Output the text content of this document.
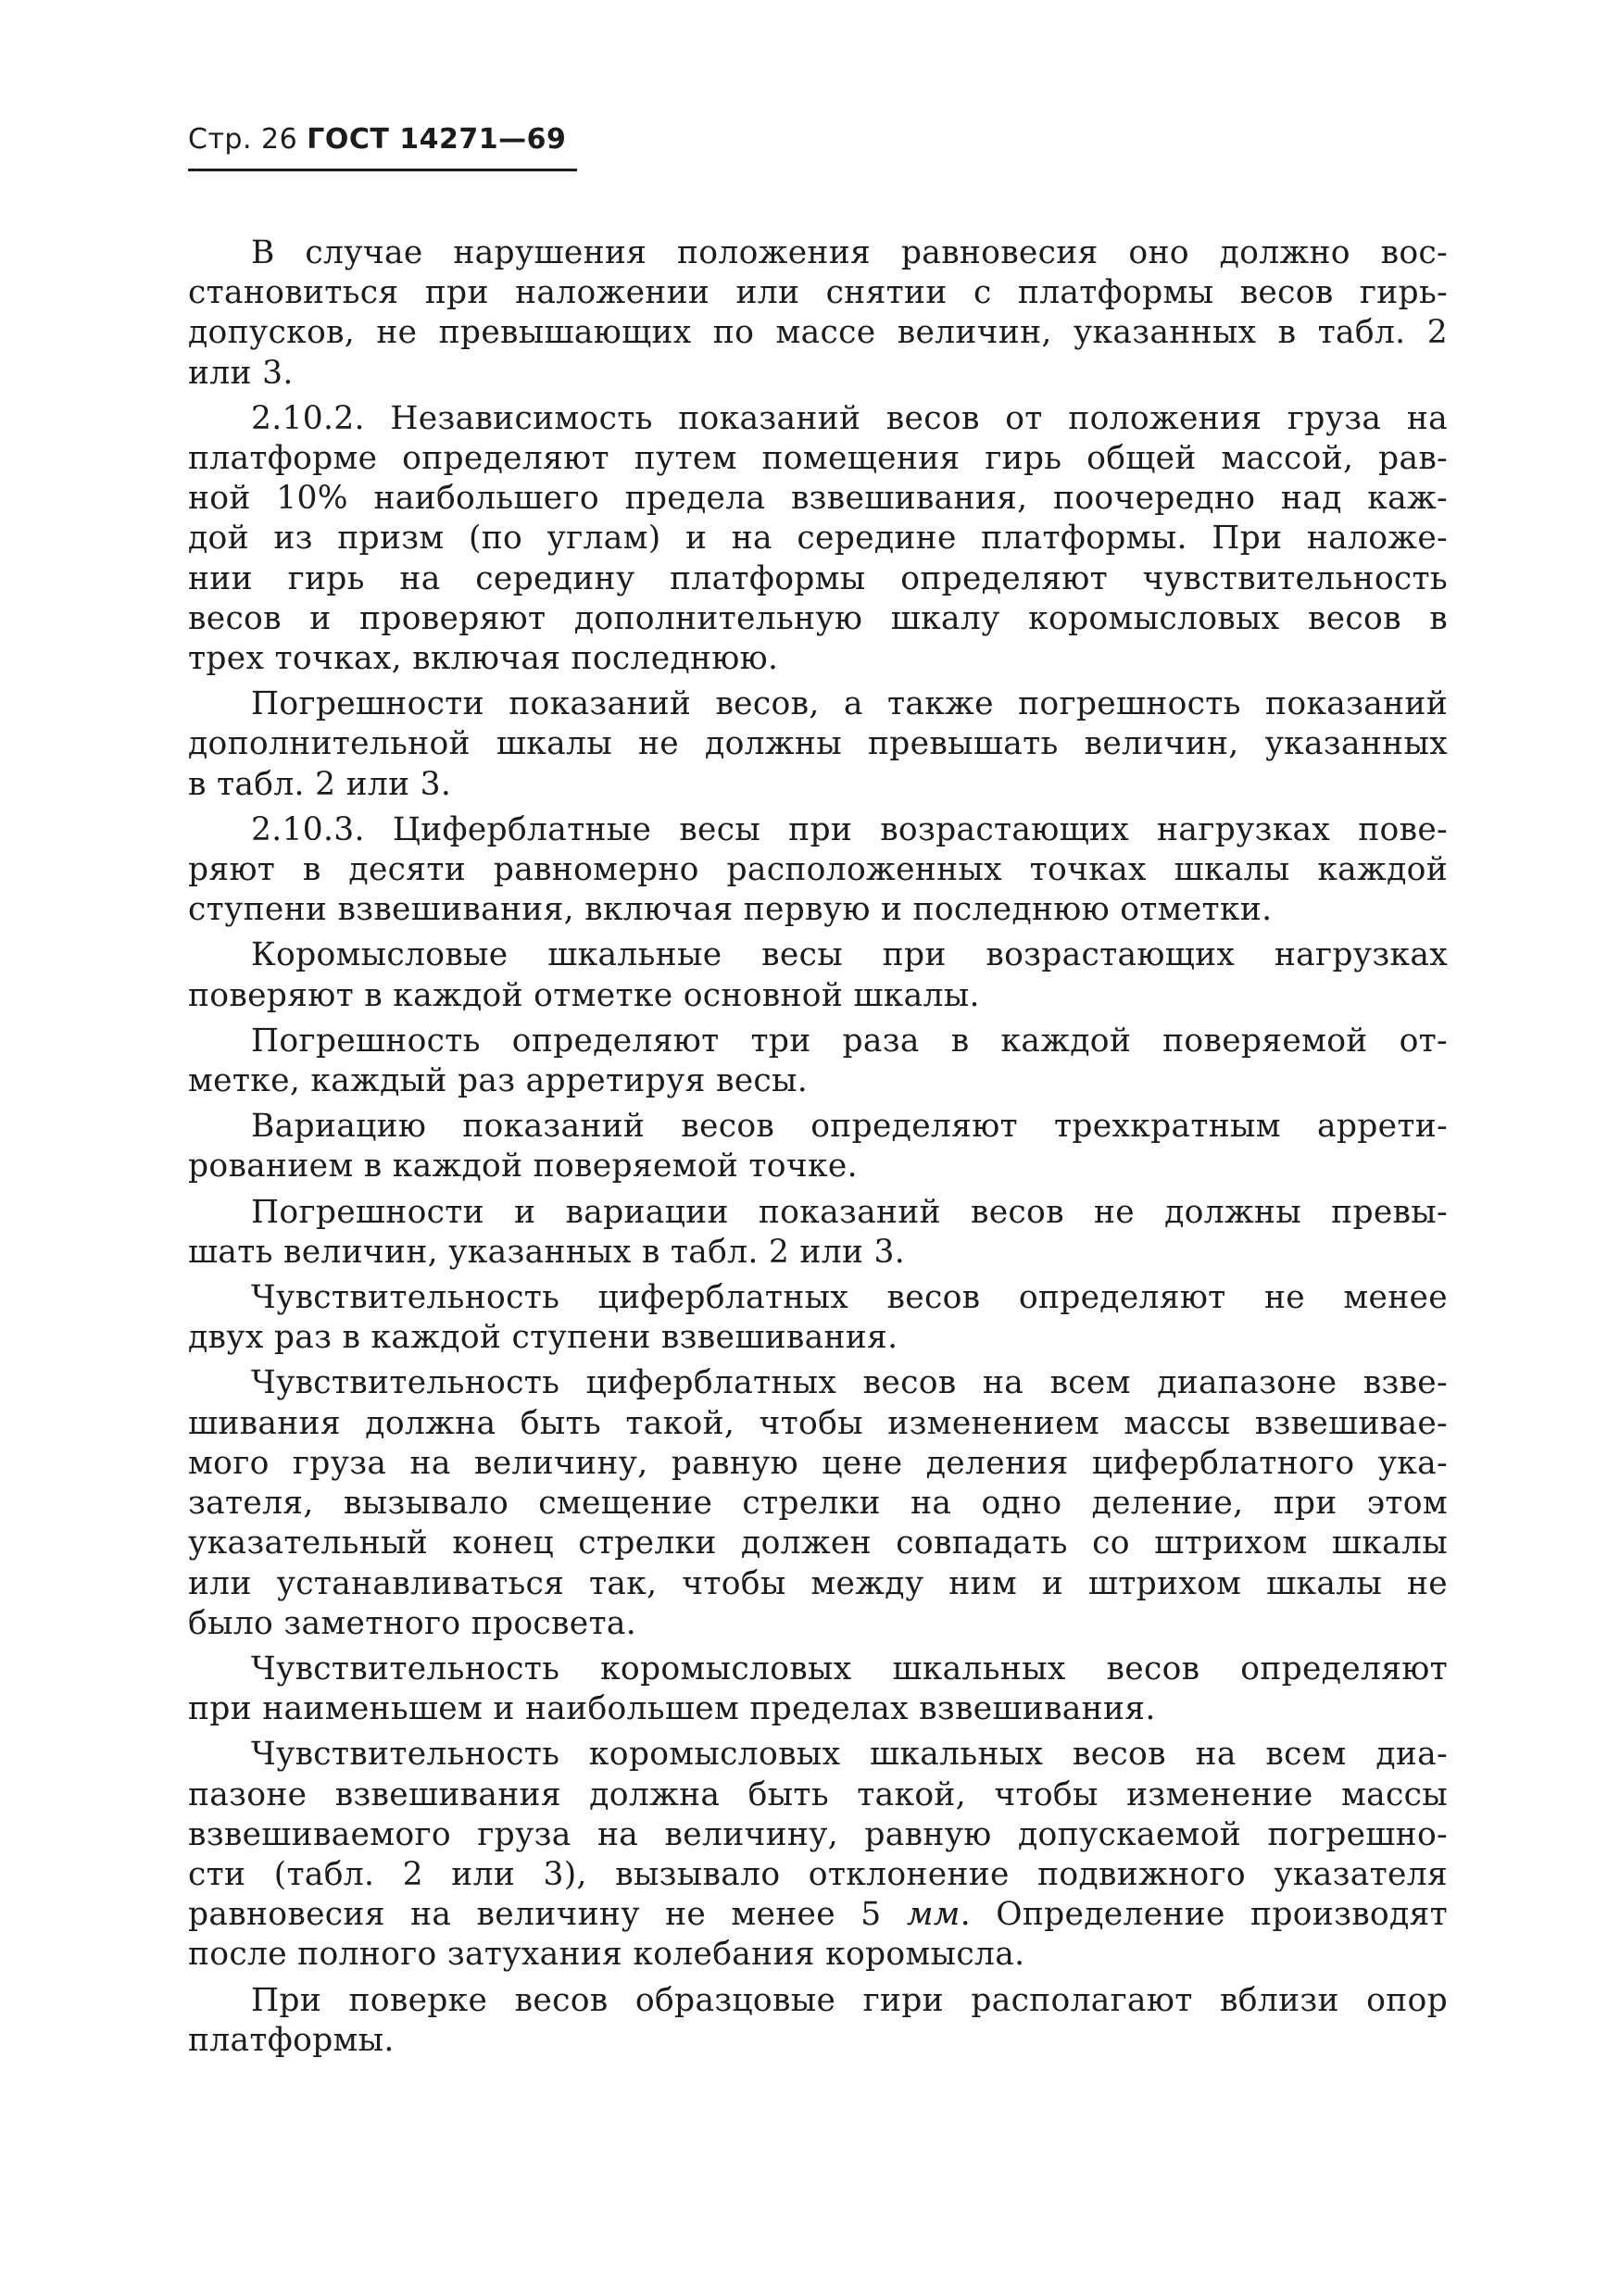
Стр. 26 ГОСТ 14271—69

В случае нарушения положения равновесия оно должно вос-
становиться при наложении или снятии с платформы весов гирь-
допусков, не превышающих по массе величин, указанных в табл. 2
или 3.

2.10.2. Независимость показаний весов от положения груза на
платформе определяют путем помещения гирь общей массой, рав-
ной 10% наибольшего предела взвешивания, поочередно над каж-
дой из призм (по углам) и на середине платформы. При наложе-
нии гирь на середину платформы определяют чувствительность
весов и проверяют дополнительную шкалу коромысловых весов в
трех точках, включая последнюю.

Погрешности показаний весов, а также погрешность показаний
дополнительной шкалы не должны превышать величин, указанных
в табл. 2 или 3.

2.10.3. Циферблатные весы при возрастающих нагрузках пове-
ряют в десяти равномерно расположенных точках шкалы каждой
ступени взвешивания, включая первую и последнюю отметки.

Коромысловые шкальные весы при возрастающих нагрузках
поверяют в каждой отметке основной шкалы.

Погрешность определяют три раза в каждой поверяемой от-
метке, каждый раз арретируя весы.

Вариацию показаний весов определяют трехкратным аррети-
рованием в каждой поверяемой точке.

Погрешности и вариации показаний весов не должны превы-
шать величин, указанных в табл. 2 или 3.

Чувствительность циферблатных весов определяют не менее
двух раз в каждой ступени взвешивания.

Чувствительность циферблатных весов на всем диапазоне взве-
шивания должна быть такой, чтобы изменением массы взвешивае-
мого груза на величину, равную цене деления циферблатного ука-
зателя, вызывало смещение стрелки на одно деление, при этом
указательный конец стрелки должен совпадать со штрихом шкалы
или устанавливаться так, чтобы между ним и штрихом шкалы не
было заметного просвета.

Чувствительность коромысловых шкальных весов определяют
при наименьшем и наибольшем пределах взвешивания.

Чувствительность коромысловых шкальных весов на всем диа-
пазоне взвешивания должна быть такой, чтобы изменение массы
взвешиваемого груза на величину, равную допускаемой погрешно-
сти (табл. 2 или 3), вызывало отклонение подвижного указателя
равновесия на величину не менее 5 мм. Определение производят
после полного затухания колебания коромысла.

При поверке весов образцовые гири располагают вблизи опор
платформы.
